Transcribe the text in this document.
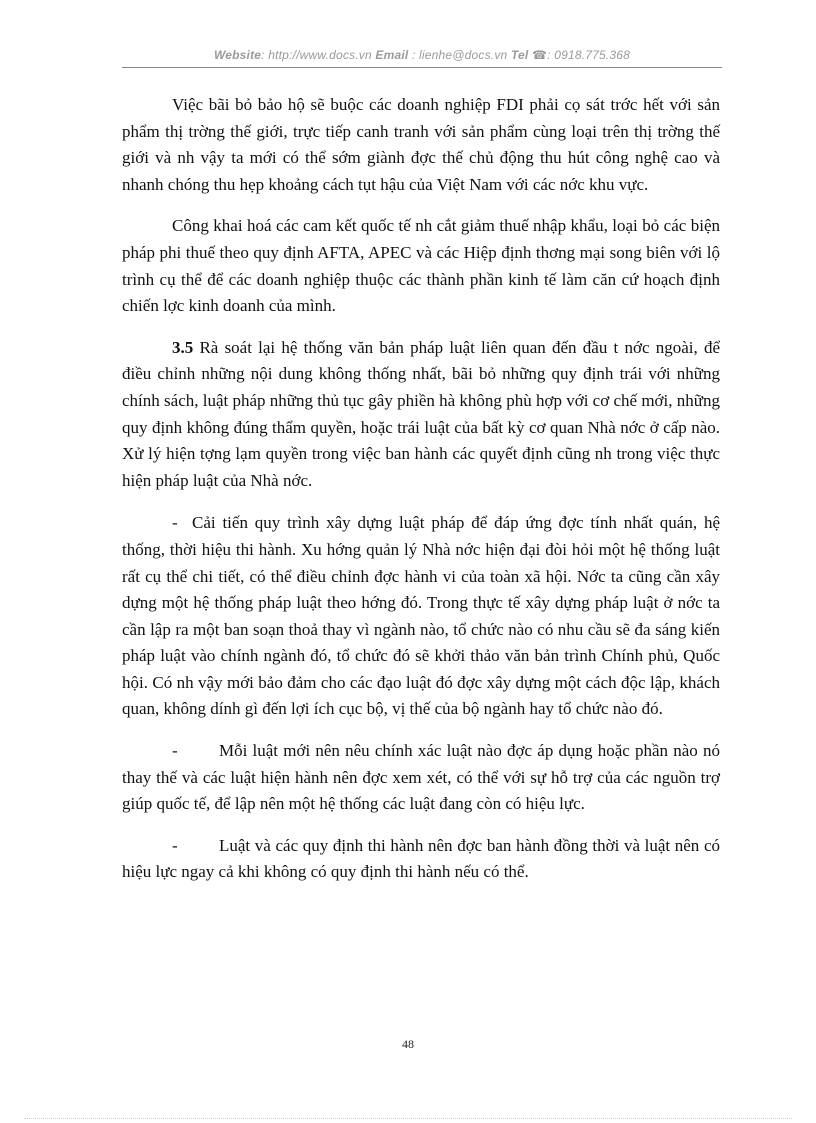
Website: http://www.docs.vn Email : lienhe@docs.vn Tel ☎: 0918.775.368

Việc bãi bỏ bảo hộ sẽ buộc các doanh nghiệp FDI phải cọ sát trớc hết với sản phẩm thị trờng thế giới, trực tiếp canh tranh với sản phẩm cùng loại trên thị trờng thế giới và nh vậy ta mới có thể sớm giành đợc thế chủ động thu hút công nghệ cao và nhanh chóng thu hẹp khoảng cách tụt hậu của Việt Nam với các nớc khu vực.

Công khai hoá các cam kết quốc tế nh cắt giảm thuế nhập khẩu, loại bỏ các biện pháp phi thuế theo quy định AFTA, APEC và các Hiệp định thơng mại song biên với lộ trình cụ thể để các doanh nghiệp thuộc các thành phần kinh tế làm căn cứ hoạch định chiến lợc kinh doanh của mình.

3.5 Rà soát lại hệ thống văn bản pháp luật liên quan đến đầu t nớc ngoài, để điều chỉnh những nội dung không thống nhất, bãi bỏ những quy định trái với những chính sách, luật pháp những thủ tục gây phiền hà không phù hợp với cơ chế mới, những quy định không đúng thẩm quyền, hoặc trái luật của bất kỳ cơ quan Nhà nớc ở cấp nào. Xử lý hiện tợng lạm quyền trong việc ban hành các quyết định cũng nh trong việc thực hiện pháp luật của Nhà nớc.

- Cải tiến quy trình xây dựng luật pháp để đáp ứng đợc tính nhất quán, hệ thống, thời hiệu thi hành. Xu hớng quản lý Nhà nớc hiện đại đòi hỏi một hệ thống luật rất cụ thể chi tiết, có thể điều chỉnh đợc hành vi của toàn xã hội. Nớc ta cũng cần xây dựng một hệ thống pháp luật theo hớng đó. Trong thực tế xây dựng pháp luật ở nớc ta cần lập ra một ban soạn thoả thay vì ngành nào, tổ chức nào có nhu cầu sẽ đa sáng kiến pháp luật vào chính ngành đó, tổ chức đó sẽ khởi thảo văn bản trình Chính phủ, Quốc hội. Có nh vậy mới bảo đảm cho các đạo luật đó đợc xây dựng một cách độc lập, khách quan, không dính gì đến lợi ích cục bộ, vị thế của bộ ngành hay tổ chức nào đó.

- Mỗi luật mới nên nêu chính xác luật nào đợc áp dụng hoặc phần nào nó thay thế và các luật hiện hành nên đợc xem xét, có thể với sự hỗ trợ của các nguồn trợ giúp quốc tế, để lập nên một hệ thống các luật đang còn có hiệu lực.

- Luật và các quy định thi hành nên đợc ban hành đồng thời và luật nên có hiệu lực ngay cả khi không có quy định thi hành nếu có thể.

48
